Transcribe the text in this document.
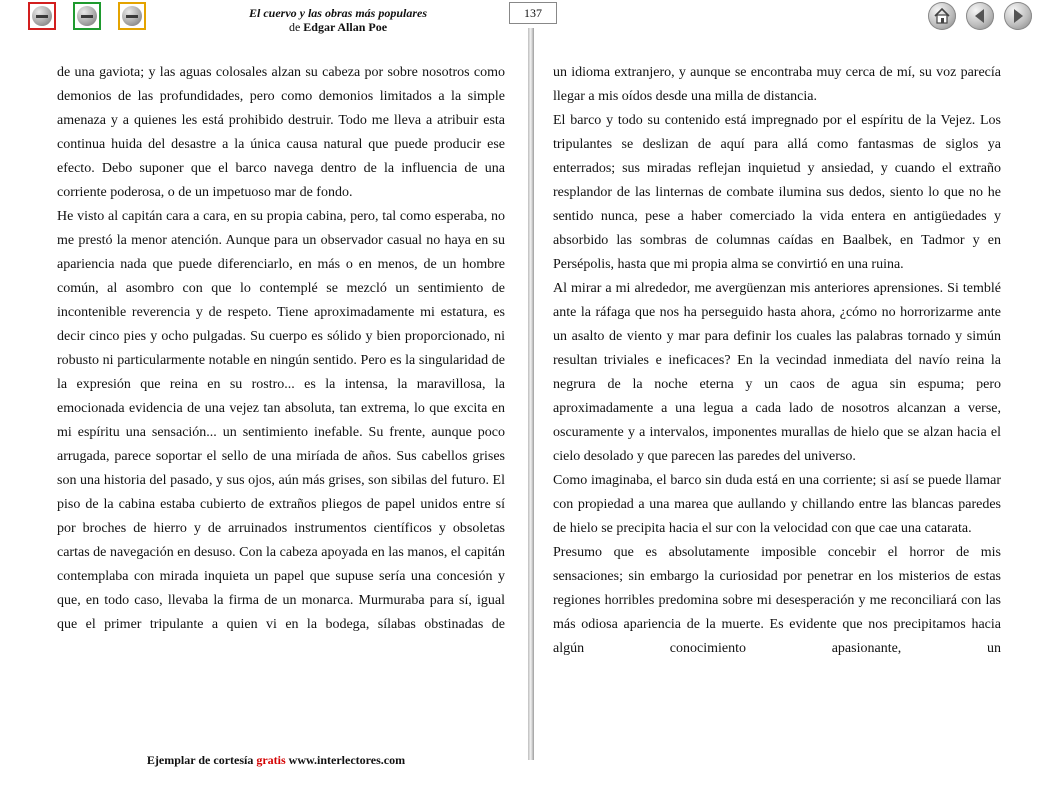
El cuervo y las obras más populares
de Edgar Allan Poe
137

de una gaviota; y las aguas colosales alzan su cabeza por sobre nosotros como demonios de las profundidades, pero como demonios limitados a la simple amenaza y a quienes les está prohibido destruir. Todo me lleva a atribuir esta continua huida del desastre a la única causa natural que puede producir ese efecto. Debo suponer que el barco navega dentro de la influencia de una corriente poderosa, o de un impetuoso mar de fondo.

He visto al capitán cara a cara, en su propia cabina, pero, tal como esperaba, no me prestó la menor atención. Aunque para un observador casual no haya en su apariencia nada que puede diferenciarlo, en más o en menos, de un hombre común, al asombro con que lo contemplé se mezcló un sentimiento de incontenible reverencia y de respeto. Tiene aproximadamente mi estatura, es decir cinco pies y ocho pulgadas. Su cuerpo es sólido y bien proporcionado, ni robusto ni particularmente notable en ningún sentido. Pero es la singularidad de la expresión que reina en su rostro... es la intensa, la maravillosa, la emocionada evidencia de una vejez tan absoluta, tan extrema, lo que excita en mi espíritu una sensación... un sentimiento inefable. Su frente, aunque poco arrugada, parece soportar el sello de una miríada de años. Sus cabellos grises son una historia del pasado, y sus ojos, aún más grises, son sibilas del futuro. El piso de la cabina estaba cubierto de extraños pliegos de papel unidos entre sí por broches de hierro y de arruinados instrumentos científicos y obsoletas cartas de navegación en desuso. Con la cabeza apoyada en las manos, el capitán contemplaba con mirada inquieta un papel que supuse sería una concesión y que, en todo caso, llevaba la firma de un monarca. Murmuraba para sí, igual que el primer tripulante a quien vi en la bodega, sílabas obstinadas de

un idioma extranjero, y aunque se encontraba muy cerca de mí, su voz parecía llegar a mis oídos desde una milla de distancia.

El barco y todo su contenido está impregnado por el espíritu de la Vejez. Los tripulantes se deslizan de aquí para allá como fantasmas de siglos ya enterrados; sus miradas reflejan inquietud y ansiedad, y cuando el extraño resplandor de las linternas de combate ilumina sus dedos, siento lo que no he sentido nunca, pese a haber comerciado la vida entera en antigüedades y absorbido las sombras de columnas caídas en Baalbek, en Tadmor y en Persépolis, hasta que mi propia alma se convirtió en una ruina.

Al mirar a mi alrededor, me avergüenzan mis anteriores aprensiones. Si temblé ante la ráfaga que nos ha perseguido hasta ahora, ¿cómo no horrorizarme ante un asalto de viento y mar para definir los cuales las palabras tornado y simún resultan triviales e ineficaces? En la vecindad inmediata del navío reina la negrura de la noche eterna y un caos de agua sin espuma; pero aproximadamente a una legua a cada lado de nosotros alcanzan a verse, oscuramente y a intervalos, imponentes murallas de hielo que se alzan hacia el cielo desolado y que parecen las paredes del universo.

Como imaginaba, el barco sin duda está en una corriente; si así se puede llamar con propiedad a una marea que aullando y chillando entre las blancas paredes de hielo se precipita hacia el sur con la velocidad con que cae una catarata.

Presumo que es absolutamente imposible concebir el horror de mis sensaciones; sin embargo la curiosidad por penetrar en los misterios de estas regiones horribles predomina sobre mi desesperación y me reconciliará con las más odiosa apariencia de la muerte. Es evidente que nos precipitamos hacia algún conocimiento apasionante, un

Ejemplar de cortesía gratis www.interlectores.com
